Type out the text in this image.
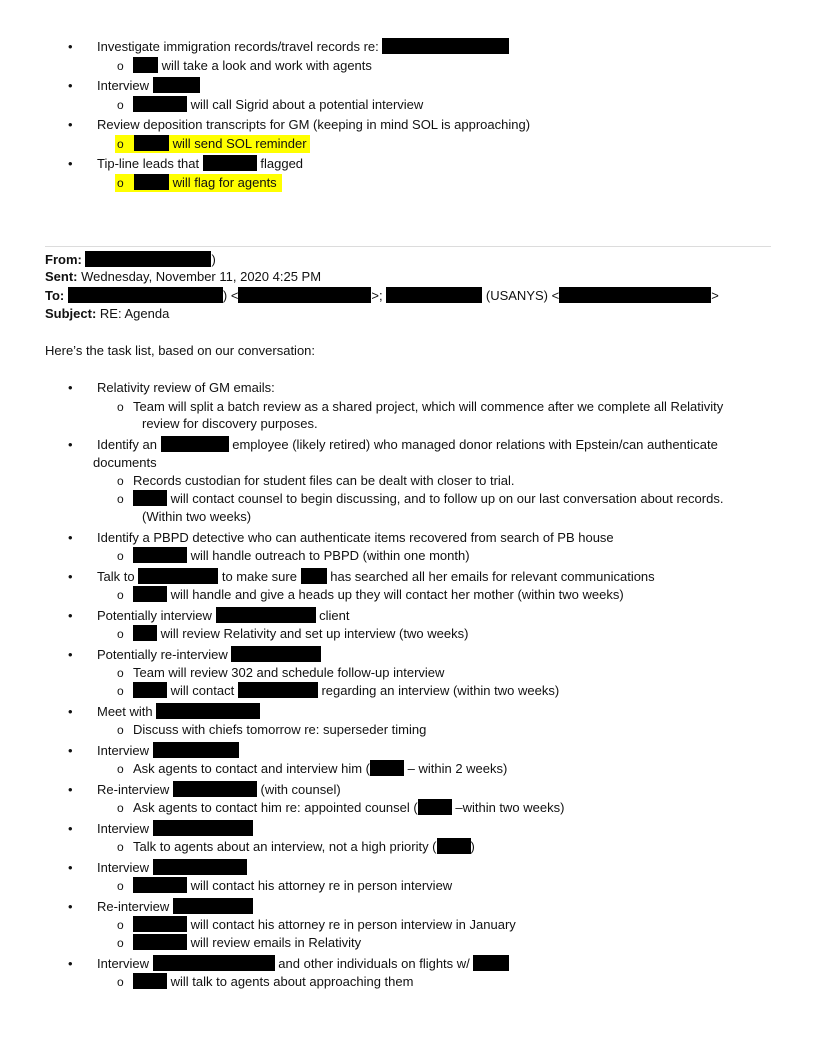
• Investigate immigration records/travel records re:
o	will take a look and work with agents
• Interview
o	will call Sigrid about a potential interview
• Review deposition transcripts for GM (keeping in mind SOL is approaching)
o	will send SOL reminder
• Tip-line leads that	flagged
o	will flag for agents
From:	)
Sent: Wednesday, November 11, 2020 4:25 PM
To:	) <	>;	(USANYS) <	>
Subject: RE: Agenda
Here’s the task list, based on our conversation:
• Relativity review of GM emails:
o Team will split a batch review as a shared project, which will commence after we complete all Relativity
review for discovery purposes.
• Identify an	employee (likely retired) who managed donor relations with Epstein/can authenticate
documents
o Records custodian for student files can be dealt with closer to trial.
o	will contact counsel to begin discussing, and to follow up on our last conversation about records.
(Within two weeks)
• Identify a PBPD detective who can authenticate items recovered from search of PB house
o	will handle outreach to PBPD (within one month)
• Talk to	to make sure	has searched all her emails for relevant communications
o	will handle and give a heads up they will contact her mother (within two weeks)
• Potentially interview	client
o	will review Relativity and set up interview (two weeks)
• Potentially re-interview
o Team will review 302 and schedule follow-up interview
o	will contact	regarding an interview (within two weeks)
• Meet with
o Discuss with chiefs tomorrow re: superseder timing
• Interview
o Ask agents to contact and interview him (	– within 2 weeks)
• Re-interview	(with counsel)
o Ask agents to contact him re: appointed counsel (	–within two weeks)
• Interview
o Talk to agents about an interview, not a high priority (	)
• Interview
o	will contact his attorney re in person interview
• Re-interview
o	will contact his attorney re in person interview in January
o	will review emails in Relativity
• Interview	and other individuals on flights w/
o	will talk to agents about approaching them
